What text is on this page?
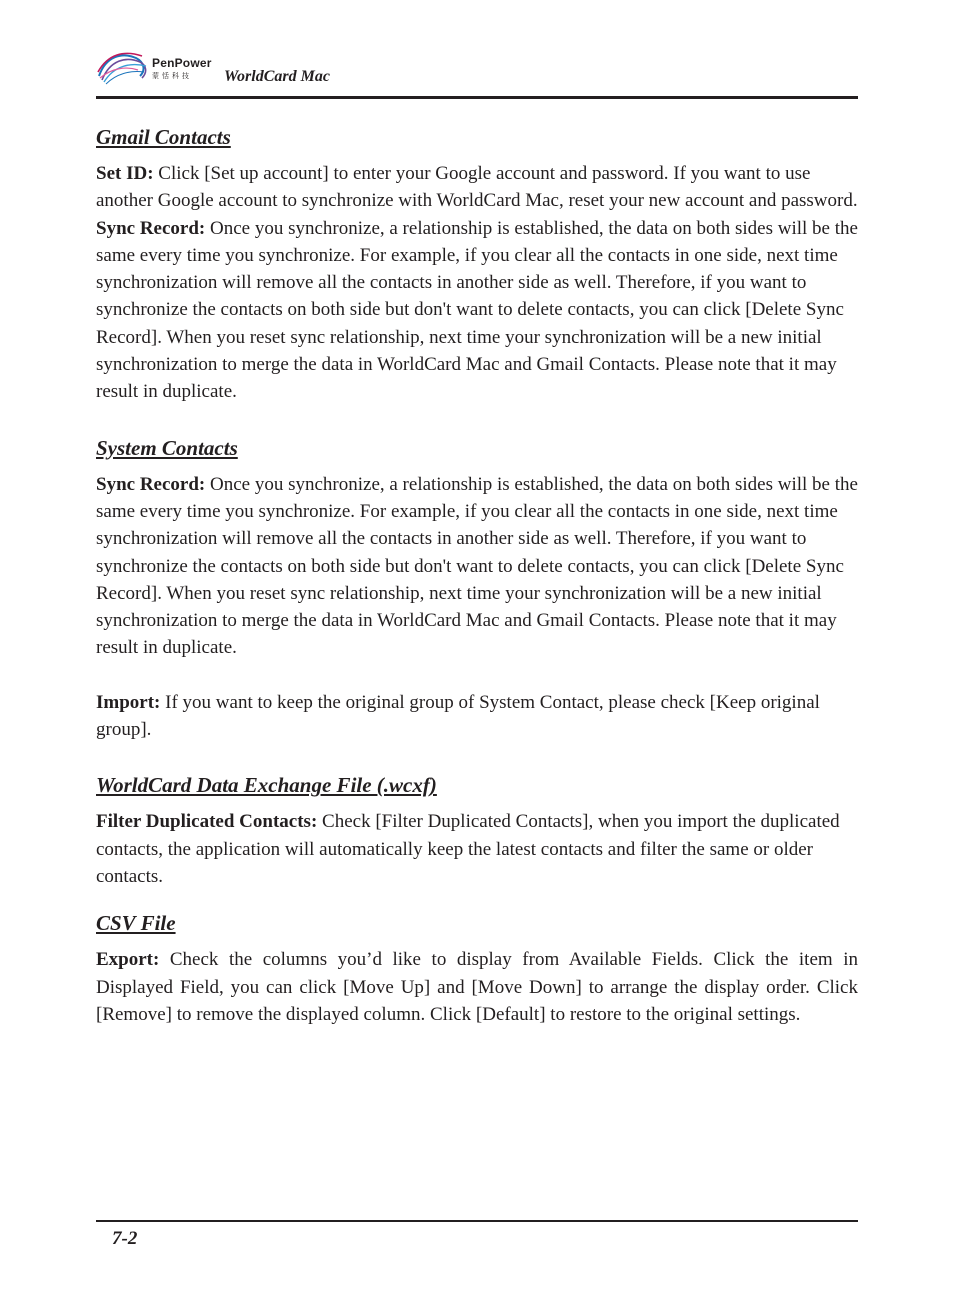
PenPower
蒙恬科技 WorldCard Mac
Gmail Contacts

Set ID: Click [Set up account] to enter your Google account and password. If you want to use another Google account to synchronize with WorldCard Mac, reset your new account and password.

Sync Record: Once you synchronize, a relationship is established, the data on both sides will be the same every time you synchronize. For example, if you clear all the contacts in one side, next time synchronization will remove all the contacts in another side as well. Therefore, if you want to synchronize the contacts on both side but don't want to delete contacts, you can click [Delete Sync Record]. When you reset sync relationship, next time your synchronization will be a new initial synchronization to merge the data in WorldCard Mac and Gmail Contacts. Please note that it may result in duplicate.

System Contacts

Sync Record: Once you synchronize, a relationship is established, the data on both sides will be the same every time you synchronize. For example, if you clear all the contacts in one side, next time synchronization will remove all the contacts in another side as well. Therefore, if you want to synchronize the contacts on both side but don't want to delete contacts, you can click [Delete Sync Record]. When you reset sync relationship, next time your synchronization will be a new initial synchronization to merge the data in WorldCard Mac and Gmail Contacts. Please note that it may result in duplicate.

Import: If you want to keep the original group of System Contact, please check [Keep original group].

WorldCard Data Exchange File (.wcxf)

Filter Duplicated Contacts: Check [Filter Duplicated Contacts], when you import the duplicated contacts, the application will automatically keep the latest contacts and filter the same or older contacts.

CSV File

Export: Check the columns you’d like to display from Available Fields. Click the item in Displayed Field, you can click [Move Up] and [Move Down] to arrange the display order. Click [Remove] to remove the displayed column. Click [Default] to restore to the original settings.

7-2
